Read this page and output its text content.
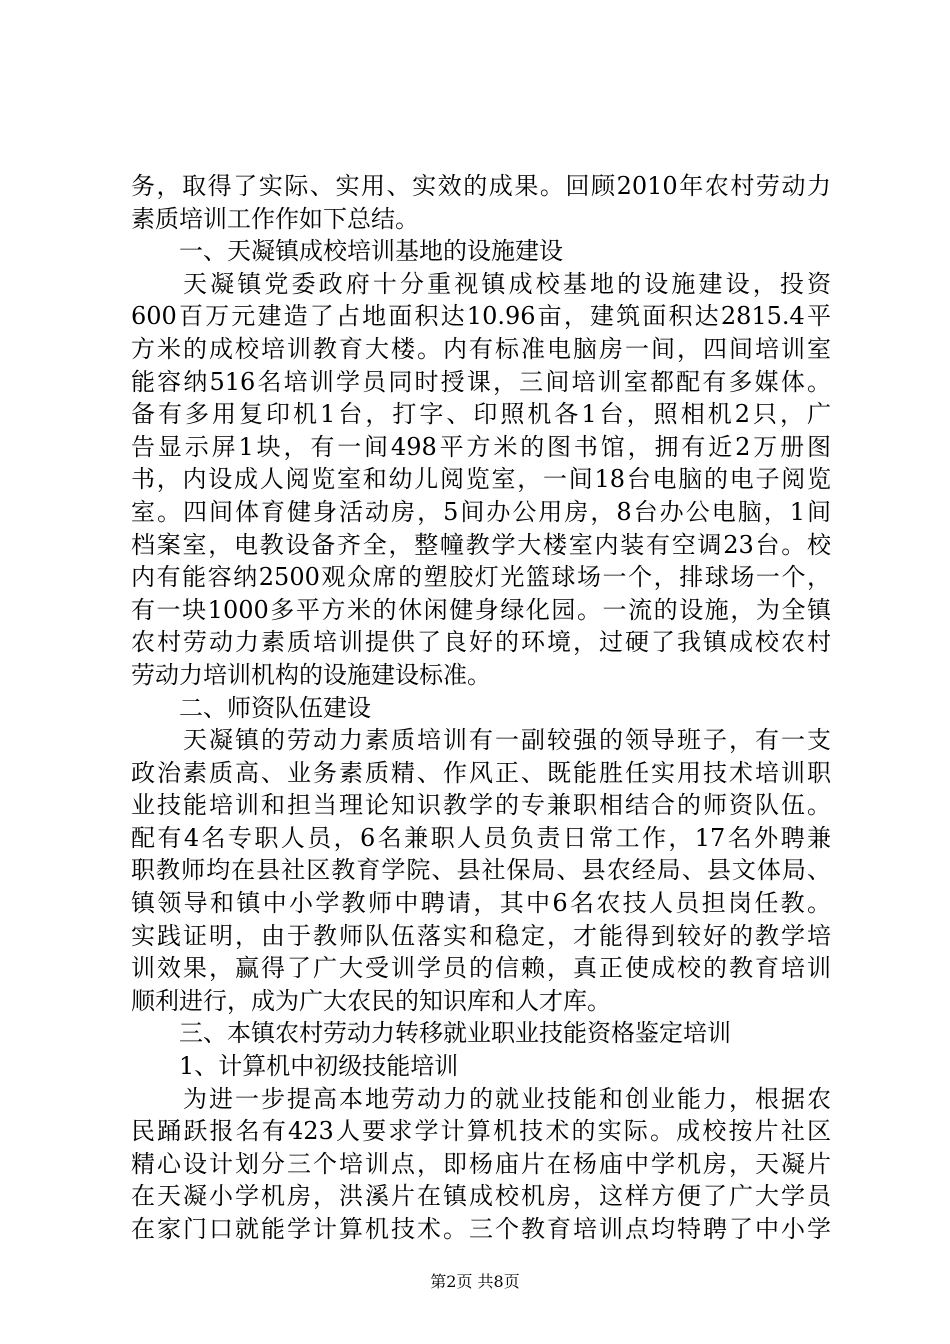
务，取得了实际、实用、实效的成果。回顾2010年农村劳动力
素质培训工作作如下总结。
一、天凝镇成校培训基地的设施建设
天凝镇党委政府十分重视镇成校基地的设施建设，投资
600百万元建造了占地面积达10.96亩，建筑面积达2815.4平
方米的成校培训教育大楼。内有标准电脑房一间，四间培训室
能容纳516名培训学员同时授课，三间培训室都配有多媒体。
备有多用复印机1台，打字、印照机各1台，照相机2只，广
告显示屏1块，有一间498平方米的图书馆，拥有近2万册图
书，内设成人阅览室和幼儿阅览室，一间18台电脑的电子阅览
室。四间体育健身活动房，5间办公用房，8台办公电脑，1间
档案室，电教设备齐全，整幢教学大楼室内装有空调23台。校
内有能容纳2500观众席的塑胶灯光篮球场一个，排球场一个，
有一块1000多平方米的休闲健身绿化园。一流的设施，为全镇
农村劳动力素质培训提供了良好的环境，过硬了我镇成校农村
劳动力培训机构的设施建设标准。
二、师资队伍建设
天凝镇的劳动力素质培训有一副较强的领导班子，有一支
政治素质高、业务素质精、作风正、既能胜任实用技术培训职
业技能培训和担当理论知识教学的专兼职相结合的师资队伍。
配有4名专职人员，6名兼职人员负责日常工作，17名外聘兼
职教师均在县社区教育学院、县社保局、县农经局、县文体局、
镇领导和镇中小学教师中聘请，其中6名农技人员担岗任教。
实践证明，由于教师队伍落实和稳定，才能得到较好的教学培
训效果，赢得了广大受训学员的信赖，真正使成校的教育培训
顺利进行，成为广大农民的知识库和人才库。
三、本镇农村劳动力转移就业职业技能资格鉴定培训
1、计算机中初级技能培训
为进一步提高本地劳动力的就业技能和创业能力，根据农
民踊跃报名有423人要求学计算机技术的实际。成校按片社区
精心设计划分三个培训点，即杨庙片在杨庙中学机房，天凝片
在天凝小学机房，洪溪片在镇成校机房，这样方便了广大学员
在家门口就能学计算机技术。三个教育培训点均特聘了中小学
第2页 共8页
